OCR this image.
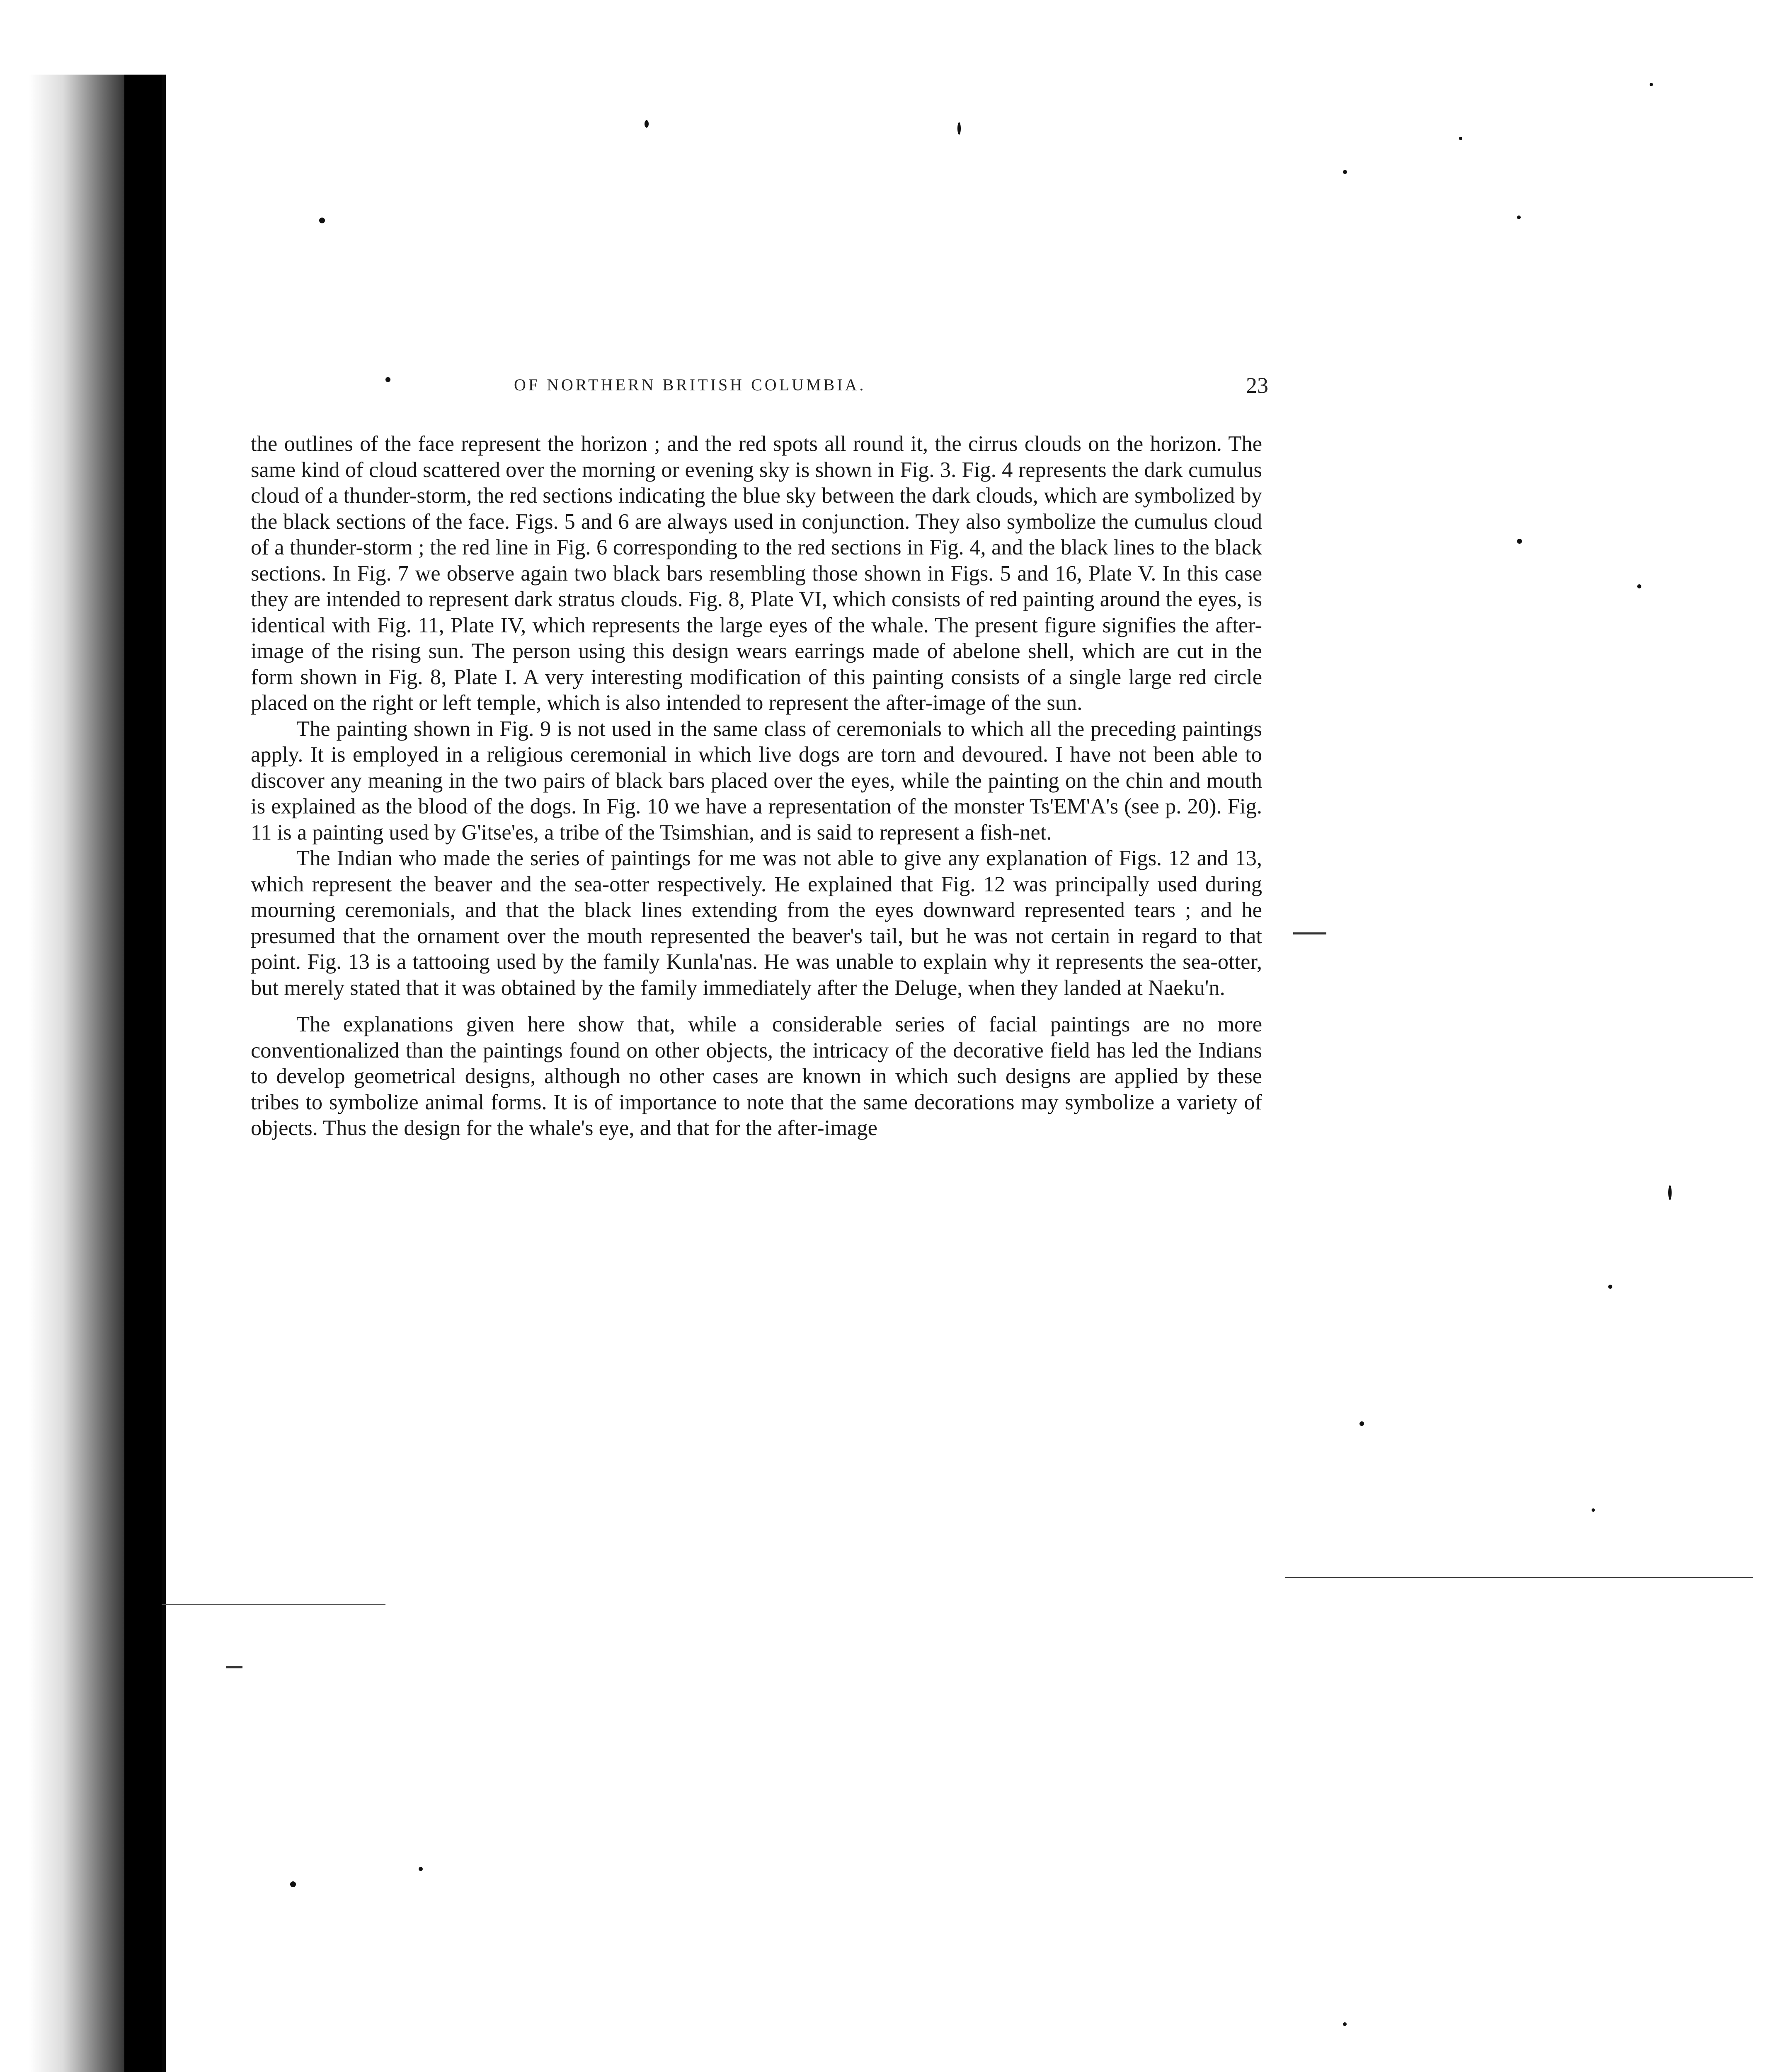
OF NORTHERN BRITISH COLUMBIA.	23

the outlines of the face represent the horizon ; and the red spots all round it, the cirrus clouds on the horizon. The same kind of cloud scattered over the morning or evening sky is shown in Fig. 3. Fig. 4 represents the dark cumulus cloud of a thunder-storm, the red sections indicating the blue sky between the dark clouds, which are symbolized by the black sections of the face. Figs. 5 and 6 are always used in conjunction. They also symbolize the cumulus cloud of a thunder-storm ; the red line in Fig. 6 corresponding to the red sections in Fig. 4, and the black lines to the black sections. In Fig. 7 we observe again two black bars resembling those shown in Figs. 5 and 16, Plate V. In this case they are intended to represent dark stratus clouds. Fig. 8, Plate VI, which consists of red painting around the eyes, is identical with Fig. 11, Plate IV, which represents the large eyes of the whale. The present figure signifies the after-image of the rising sun. The person using this design wears earrings made of abelone shell, which are cut in the form shown in Fig. 8, Plate I. A very interesting modification of this painting consists of a single large red circle placed on the right or left temple, which is also intended to represent the after-image of the sun.

The painting shown in Fig. 9 is not used in the same class of ceremonials to which all the preceding paintings apply. It is employed in a religious ceremonial in which live dogs are torn and devoured. I have not been able to discover any meaning in the two pairs of black bars placed over the eyes, while the painting on the chin and mouth is explained as the blood of the dogs. In Fig. 10 we have a representation of the monster Ts'EM'A's (see p. 20). Fig. 11 is a painting used by G'itse'es, a tribe of the Tsimshian, and is said to represent a fish-net.

The Indian who made the series of paintings for me was not able to give any explanation of Figs. 12 and 13, which represent the beaver and the sea-otter respectively. He explained that Fig. 12 was principally used during mourning ceremonials, and that the black lines extending from the eyes downward represented tears ; and he presumed that the ornament over the mouth represented the beaver's tail, but he was not certain in regard to that point. Fig. 13 is a tattooing used by the family Kunla'nas. He was unable to explain why it represents the sea-otter, but merely stated that it was obtained by the family immediately after the Deluge, when they landed at Naeku'n.

The explanations given here show that, while a considerable series of facial paintings are no more conventionalized than the paintings found on other objects, the intricacy of the decorative field has led the Indians to develop geometrical designs, although no other cases are known in which such designs are applied by these tribes to symbolize animal forms. It is of importance to note that the same decorations may symbolize a variety of objects. Thus the design for the whale's eye, and that for the after-image
